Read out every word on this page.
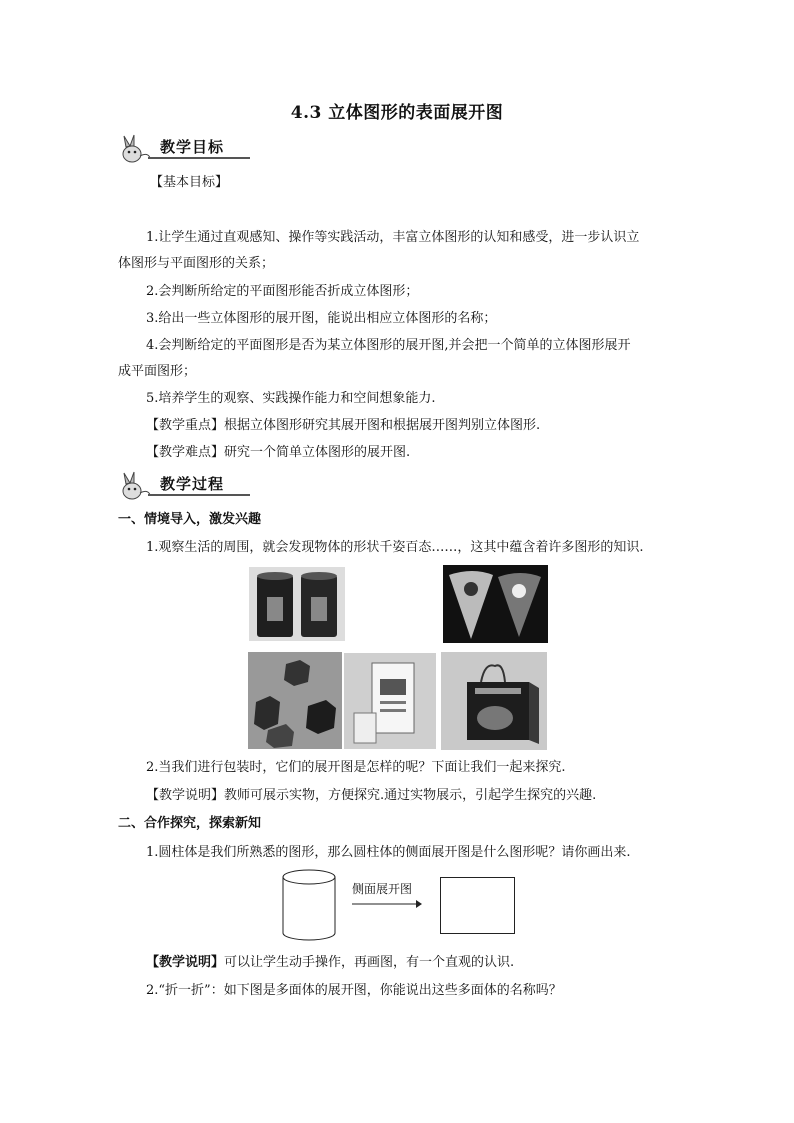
4.3 立体图形的表面展开图
教学目标
【基本目标】
1.让学生通过直观感知、操作等实践活动，丰富立体图形的认知和感受，进一步认识立
体图形与平面图形的关系；
2.会判断所给定的平面图形能否折成立体图形；
3.给出一些立体图形的展开图，能说出相应立体图形的名称；
4.会判断给定的平面图形是否为某立体图形的展开图,并会把一个简单的立体图形展开
成平面图形；
5.培养学生的观察、实践操作能力和空间想象能力.
【教学重点】根据立体图形研究其展开图和根据展开图判别立体图形.
【教学难点】研究一个简单立体图形的展开图.
教学过程
一、情境导入，激发兴趣
1.观察生活的周围，就会发现物体的形状千姿百态……，这其中蕴含着许多图形的知识.
2.当我们进行包装时，它们的展开图是怎样的呢？下面让我们一起来探究.
【教学说明】教师可展示实物，方便探究.通过实物展示，引起学生探究的兴趣.
二、合作探究，探索新知
1.圆柱体是我们所熟悉的图形，那么圆柱体的侧面展开图是什么图形呢？请你画出来.
侧面展开图
【教学说明】可以让学生动手操作，再画图，有一个直观的认识.
2.“折一折”：如下图是多面体的展开图，你能说出这些多面体的名称吗？
